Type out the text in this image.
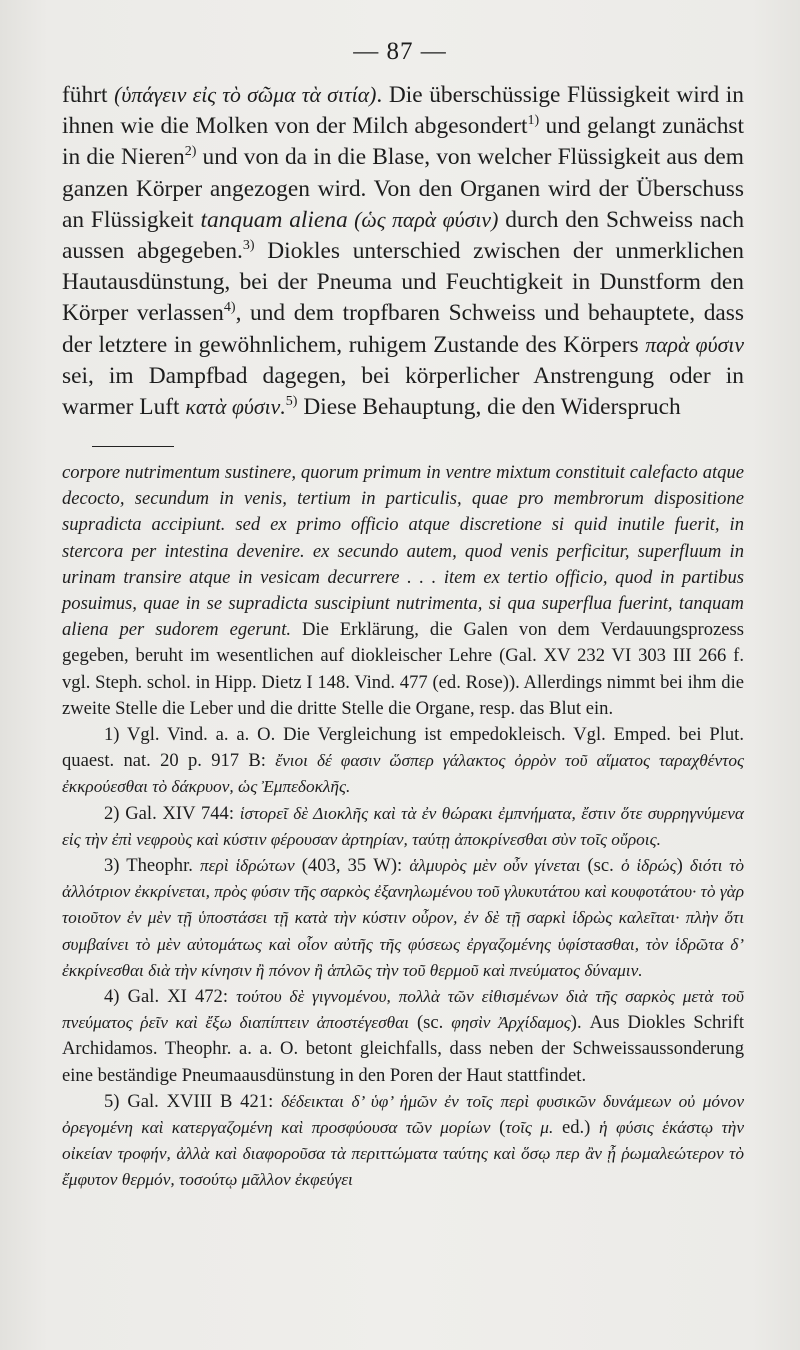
— 87 —

führt (ὑπάγειν εἰς τὸ σῶμα τὰ σιτία). Die überschüssige Flüssigkeit wird in ihnen wie die Molken von der Milch abgesondert$^{1)}$ und gelangt zunächst in die Nieren$^{2)}$ und von da in die Blase, von welcher Flüssigkeit aus dem ganzen Körper angezogen wird. Von den Organen wird der Überschuss an Flüssigkeit tanquam aliena (ὡς παρὰ φύσιν) durch den Schweiss nach aussen abgegeben.$^{3)}$ Diokles unterschied zwischen der unmerklichen Hautausdünstung, bei der Pneuma und Feuchtigkeit in Dunstform den Körper verlassen$^{4)}$, und dem tropfbaren Schweiss und behauptete, dass der letztere in gewöhnlichem, ruhigem Zustande des Körpers παρὰ φύσιν sei, im Dampfbad dagegen, bei körperlicher Anstrengung oder in warmer Luft κατὰ φύσιν.$^{5)}$ Diese Behauptung, die den Widerspruch

corpore nutrimentum sustinere, quorum primum in ventre mixtum constituit calefacto atque decocto, secundum in venis, tertium in particulis, quae pro membrorum dispositione supradicta accipiunt. sed ex primo officio atque discretione si quid inutile fuerit, in stercora per intestina devenire. ex secundo autem, quod venis perficitur, superfluum in urinam transire atque in vesicam decurrere . . . item ex tertio officio, quod in partibus posuimus, quae in se supradicta suscipiunt nutrimenta, si qua superflua fuerint, tanquam aliena per sudorem egerunt. Die Erklärung, die Galen von dem Verdauungsprozess gegeben, beruht im wesentlichen auf diokleischer Lehre (Gal. XV 232 VI 303 III 266 f. vgl. Steph. schol. in Hipp. Dietz I 148. Vind. 477 (ed. Rose)). Allerdings nimmt bei ihm die zweite Stelle die Leber und die dritte Stelle die Organe, resp. das Blut ein.

1) Vgl. Vind. a. a. O. Die Vergleichung ist empedokleisch. Vgl. Emped. bei Plut. quaest. nat. 20 p. 917 B: ἔνιοι δέ φασιν ὥσπερ γάλακτος ὀρρὸν τοῦ αἵματος ταραχθέντος ἐκκρούεσθαι τὸ δάκρυον, ὡς Ἐμπεδοκλῆς.

2) Gal. XIV 744: ἱστορεῖ δὲ Διοκλῆς καὶ τὰ ἐν θώρακι ἐμπνήματα, ἔστιν ὅτε συρρηγνύμενα εἰς τὴν ἐπὶ νεφροὺς καὶ κύστιν φέρουσαν ἀρτηρίαν, ταύτῃ ἀποκρίνεσθαι σὺν τοῖς οὔροις.

3) Theophr. περὶ ἱδρώτων (403, 35 W): ἁλμυρὸς μὲν οὖν γίνεται (sc. ὁ ἱδρώς) διότι τὸ ἀλλότριον ἐκκρίνεται, πρὸς φύσιν τῆς σαρκὸς ἐξανηλωμένου τοῦ γλυκυτάτου καὶ κουφοτάτου· τὸ γὰρ τοιοῦτον ἐν μὲν τῇ ὑποστάσει τῇ κατὰ τὴν κύστιν οὖρον, ἐν δὲ τῇ σαρκὶ ἱδρὼς καλεῖται· πλὴν ὅτι συμβαίνει τὸ μὲν αὐτομάτως καὶ οἷον αὐτῆς τῆς φύσεως ἐργαζομένης ὑφίστασθαι, τὸν ἱδρῶτα δ’ ἐκκρίνεσθαι διὰ τὴν κίνησιν ἢ πόνον ἢ ἁπλῶς τὴν τοῦ θερμοῦ καὶ πνεύματος δύναμιν.

4) Gal. XI 472: τούτου δὲ γιγνομένου, πολλὰ τῶν εἰθισμένων διὰ τῆς σαρκὸς μετὰ τοῦ πνεύματος ῥεῖν καὶ ἔξω διαπίπτειν ἀποστέγεσθαι (sc. φησὶν Ἀρχίδαμος). Aus Diokles Schrift Archidamos. Theophr. a. a. O. betont gleichfalls, dass neben der Schweissaussonderung eine beständige Pneumaausdünstung in den Poren der Haut stattfindet.

5) Gal. XVIII B 421: δέδεικται δ’ ὑφ’ ἡμῶν ἐν τοῖς περὶ φυσικῶν δυνάμεων οὐ μόνον ὀρεγομένη καὶ κατεργαζομένη καὶ προσφύουσα τῶν μορίων (τοῖς μ. ed.) ἡ φύσις ἑκάστῳ τὴν οἰκείαν τροφήν, ἀλλὰ καὶ διαφοροῦσα τὰ περιττώματα ταύτης καὶ ὅσῳ περ ἂν ᾖ ῥωμαλεώτερον τὸ ἔμφυτον θερμόν, τοσούτῳ μᾶλλον ἐκφεύγει
